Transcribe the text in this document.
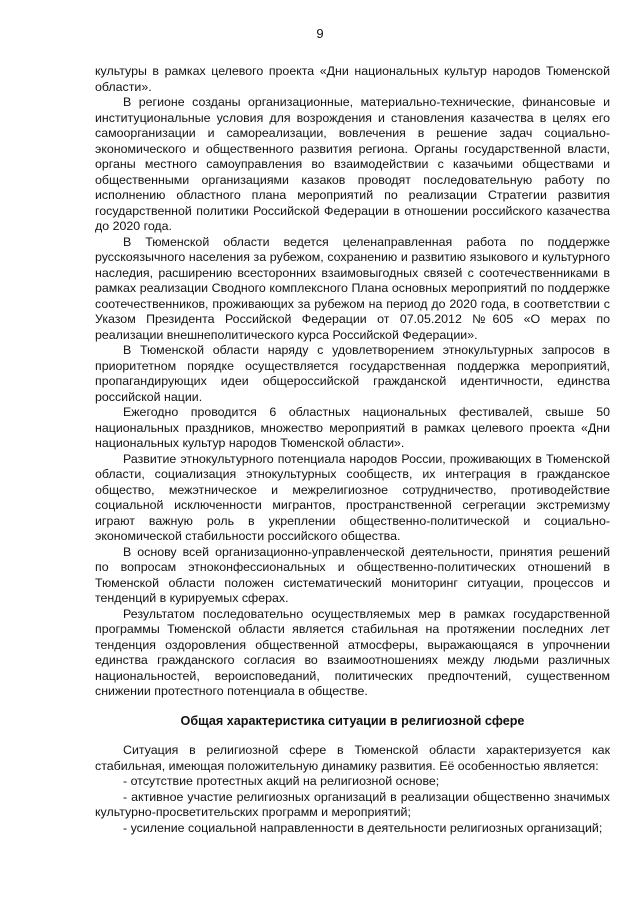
9

культуры в рамках целевого проекта «Дни национальных культур народов Тюменской области».

В регионе созданы организационные, материально-технические, финансовые и институциональные условия для возрождения и становления казачества в целях его самоорганизации и самореализации, вовлечения в решение задач социально-экономического и общественного развития региона. Органы государственной власти, органы местного самоуправления во взаимодействии с казачьими обществами и общественными организациями казаков проводят последовательную работу по исполнению областного плана мероприятий по реализации Стратегии развития государственной политики Российской Федерации в отношении российского казачества до 2020 года.

В Тюменской области ведется целенаправленная работа по поддержке русскоязычного населения за рубежом, сохранению и развитию языкового и культурного наследия, расширению всесторонних взаимовыгодных связей с соотечественниками в рамках реализации Сводного комплексного Плана основных мероприятий по поддержке соотечественников, проживающих за рубежом на период до 2020 года, в соответствии с Указом Президента Российской Федерации от 07.05.2012 №605 «О мерах по реализации внешнеполитического курса Российской Федерации».

В Тюменской области наряду с удовлетворением этнокультурных запросов в приоритетном порядке осуществляется государственная поддержка мероприятий, пропагандирующих идеи общероссийской гражданской идентичности, единства российской нации.

Ежегодно проводится 6 областных национальных фестивалей, свыше 50 национальных праздников, множество мероприятий в рамках целевого проекта «Дни национальных культур народов Тюменской области».

Развитие этнокультурного потенциала народов России, проживающих в Тюменской области, социализация этнокультурных сообществ, их интеграция в гражданское общество, межэтническое и межрелигиозное сотрудничество, противодействие социальной исключенности мигрантов, пространственной сегрегации экстремизму играют важную роль в укреплении общественно-политической и социально-экономической стабильности российского общества.

В основу всей организационно-управленческой деятельности, принятия решений по вопросам этноконфессиональных и общественно-политических отношений в Тюменской области положен систематический мониторинг ситуации, процессов и тенденций в курируемых сферах.

Результатом последовательно осуществляемых мер в рамках государственной программы Тюменской области является стабильная на протяжении последних лет тенденция оздоровления общественной атмосферы, выражающаяся в упрочнении единства гражданского согласия во взаимоотношениях между людьми различных национальностей, вероисповеданий, политических предпочтений, существенном снижении протестного потенциала в обществе.

Общая характеристика ситуации в религиозной сфере

Ситуация в религиозной сфере в Тюменской области характеризуется как стабильная, имеющая положительную динамику развития. Её особенностью является:

- отсутствие протестных акций на религиозной основе;

- активное участие религиозных организаций в реализации общественно значимых культурно-просветительских программ и мероприятий;

- усиление социальной направленности в деятельности религиозных организаций;
